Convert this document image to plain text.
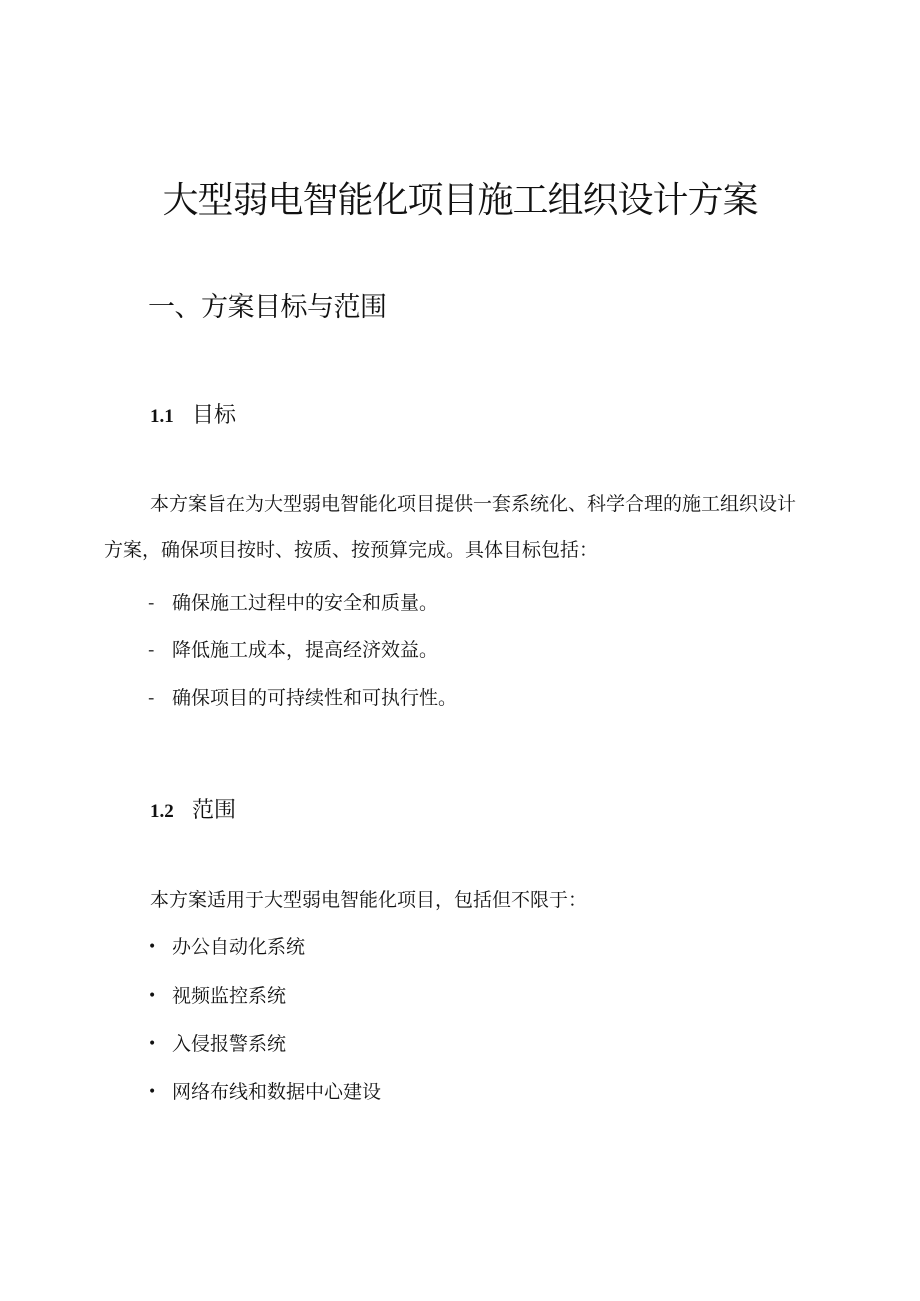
大型弱电智能化项目施工组织设计方案
一、方案目标与范围
1.1 目标

本方案旨在为大型弱电智能化项目提供一套系统化、科学合理的施工组织设计方案，确保项目按时、按质、按预算完成。具体目标包括：

- 确保施工过程中的安全和质量。
- 降低施工成本，提高经济效益。
- 确保项目的可持续性和可执行性。
1.2 范围

本方案适用于大型弱电智能化项目，包括但不限于：

• 办公自动化系统
• 视频监控系统
• 入侵报警系统
• 网络布线和数据中心建设
